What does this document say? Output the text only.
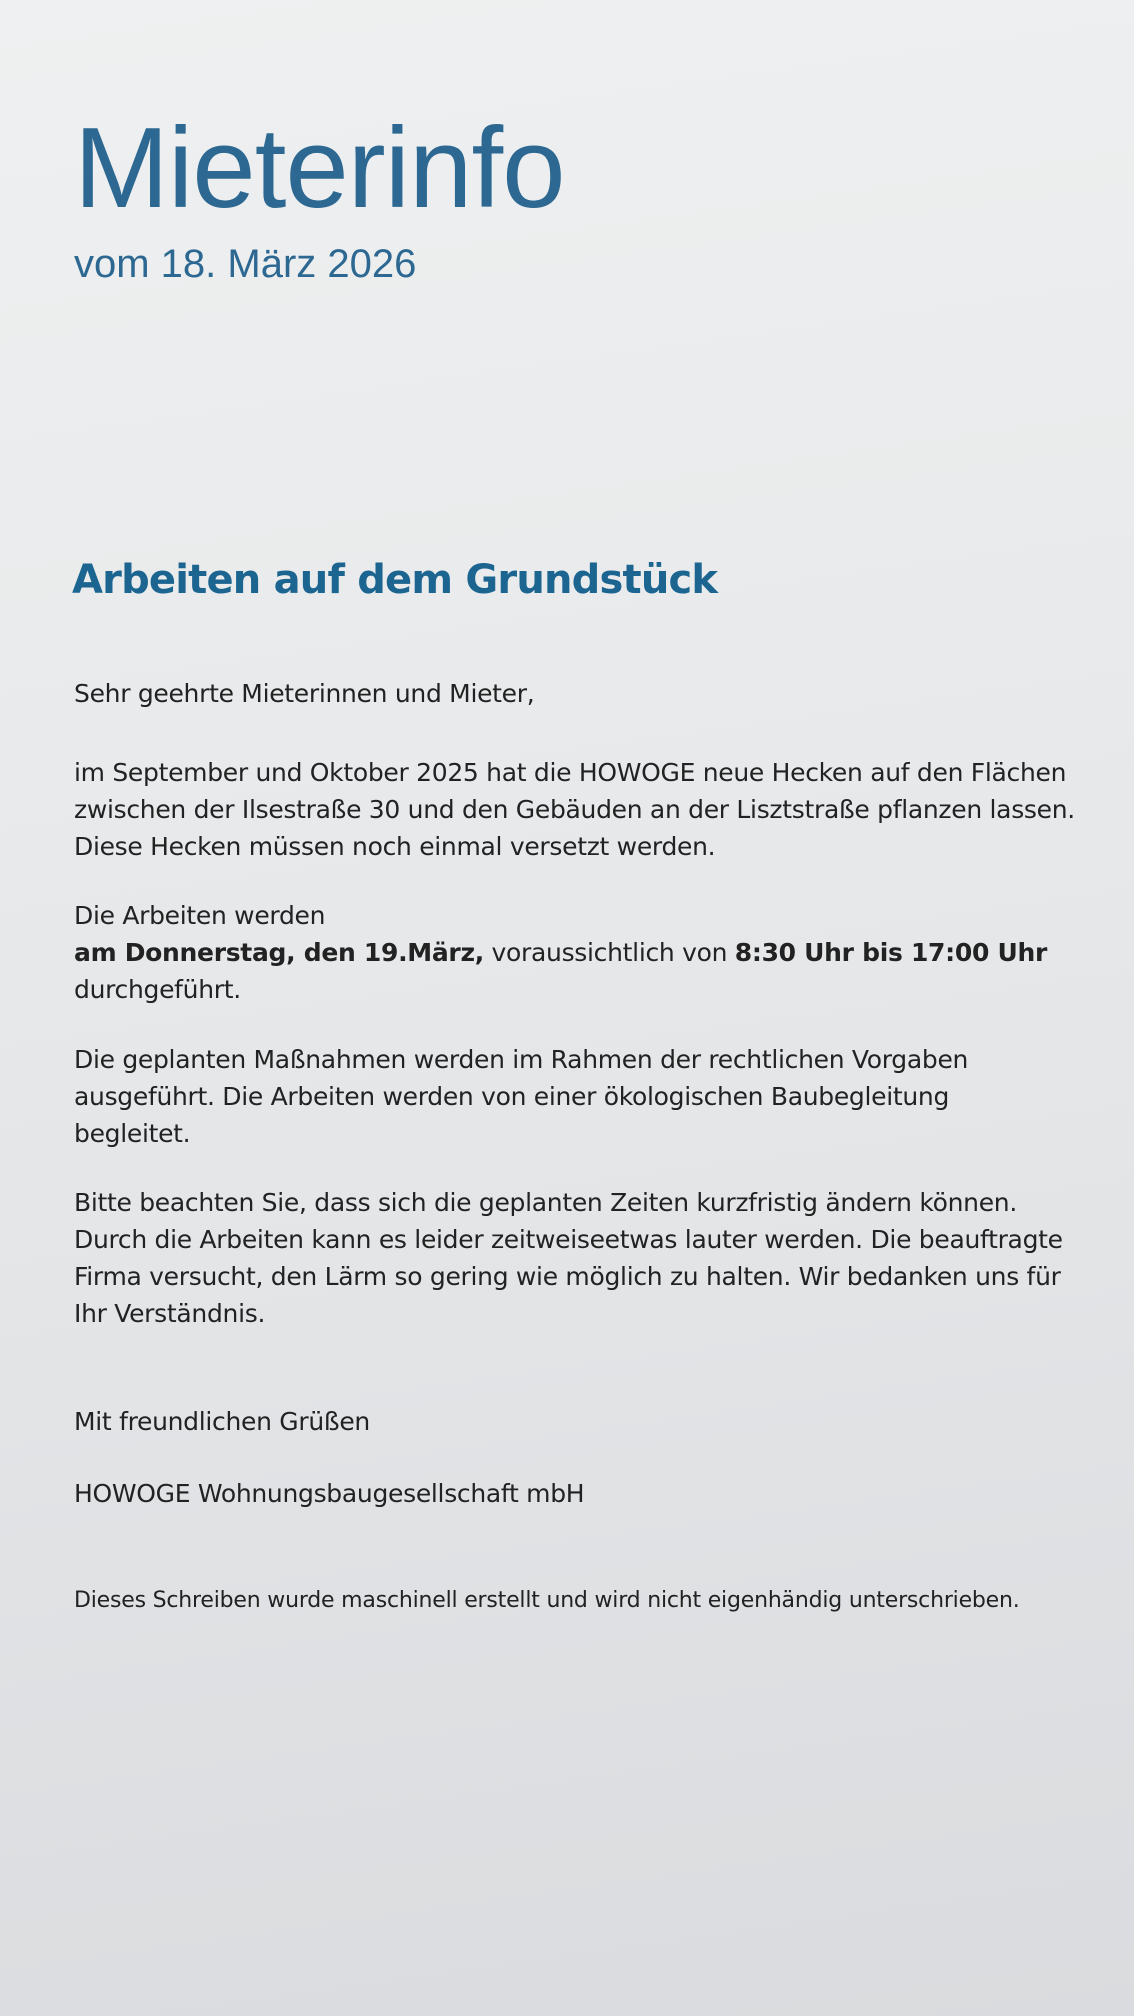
Mieterinfo
vom 18. März 2026
Arbeiten auf dem Grundstück

Sehr geehrte Mieterinnen und Mieter,

im September und Oktober 2025 hat die HOWOGE neue Hecken auf den Flächen
zwischen der Ilsestraße 30 und den Gebäuden an der Lisztstraße pflanzen lassen.
Diese Hecken müssen noch einmal versetzt werden.

Die Arbeiten werden
am Donnerstag, den 19.März, voraussichtlich von 8:30 Uhr bis 17:00 Uhr
durchgeführt.

Die geplanten Maßnahmen werden im Rahmen der rechtlichen Vorgaben
ausgeführt. Die Arbeiten werden von einer ökologischen Baubegleitung
begleitet.

Bitte beachten Sie, dass sich die geplanten Zeiten kurzfristig ändern können.
Durch die Arbeiten kann es leider zeitweiseetwas lauter werden. Die beauftragte
Firma versucht, den Lärm so gering wie möglich zu halten. Wir bedanken uns für
Ihr Verständnis.

Mit freundlichen Grüßen

HOWOGE Wohnungsbaugesellschaft mbH

Dieses Schreiben wurde maschinell erstellt und wird nicht eigenhändig unterschrieben.
